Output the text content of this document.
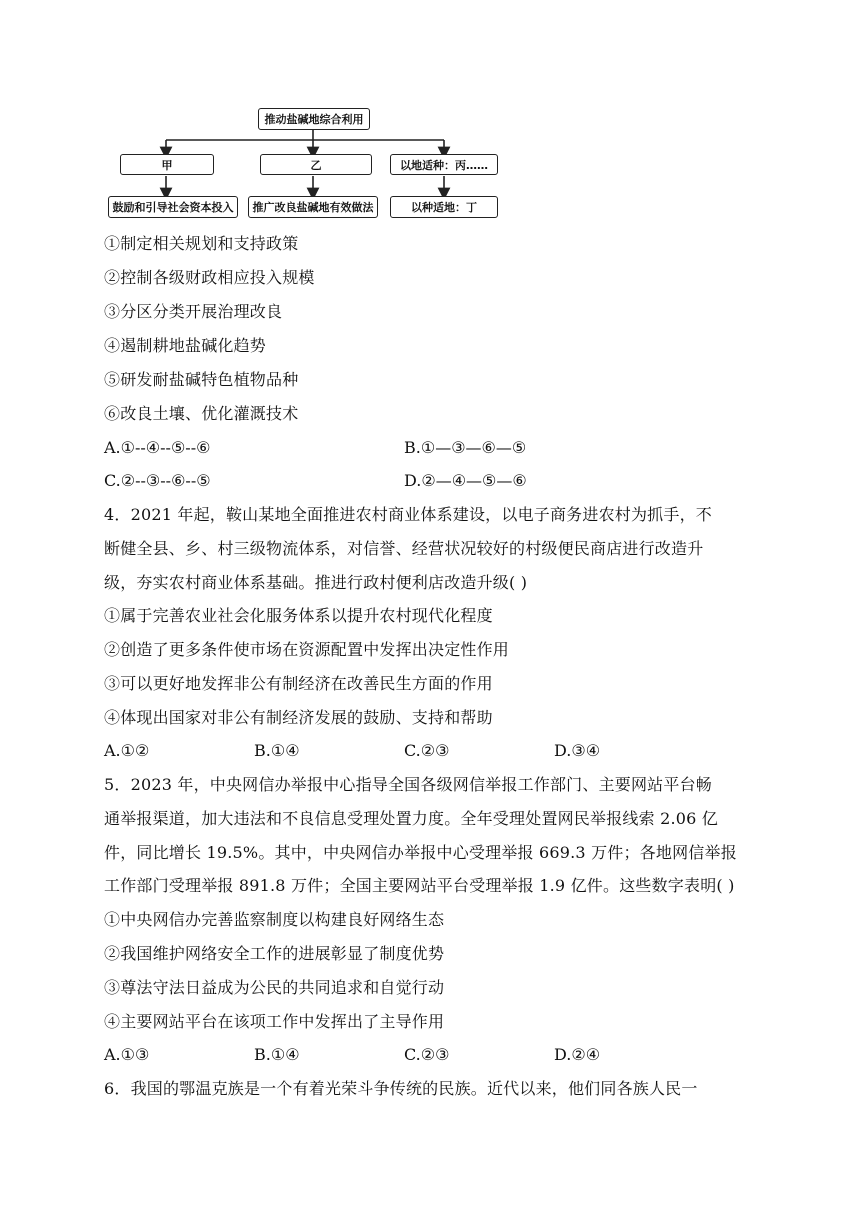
推动盐碱地综合利用
甲	乙	以地适种：丙……
鼓励和引导社会资本投入	推广改良盐碱地有效做法	以种适地：丁
①制定相关规划和支持政策
②控制各级财政相应投入规模
③分区分类开展治理改良
④遏制耕地盐碱化趋势
⑤研发耐盐碱特色植物品种
⑥改良土壤、优化灌溉技术
A.①--④--⑤--⑥	B.①—③—⑥—⑤
C.②--③--⑥--⑤	D.②—④—⑤—⑥
4．2021 年起，鞍山某地全面推进农村商业体系建设，以电子商务进农村为抓手，不
断健全县、乡、村三级物流体系，对信誉、经营状况较好的村级便民商店进行改造升
级，夯实农村商业体系基础。推进行政村便利店改造升级( )
①属于完善农业社会化服务体系以提升农村现代化程度
②创造了更多条件使市场在资源配置中发挥出决定性作用
③可以更好地发挥非公有制经济在改善民生方面的作用
④体现出国家对非公有制经济发展的鼓励、支持和帮助
A.①②	B.①④	C.②③	D.③④
5．2023 年，中央网信办举报中心指导全国各级网信举报工作部门、主要网站平台畅
通举报渠道，加大违法和不良信息受理处置力度。全年受理处置网民举报线索 2.06 亿
件，同比增长 19.5%。其中，中央网信办举报中心受理举报 669.3 万件；各地网信举报
工作部门受理举报 891.8 万件；全国主要网站平台受理举报 1.9 亿件。这些数字表明( )
①中央网信办完善监察制度以构建良好网络生态
②我国维护网络安全工作的进展彰显了制度优势
③尊法守法日益成为公民的共同追求和自觉行动
④主要网站平台在该项工作中发挥出了主导作用
A.①③	B.①④	C.②③	D.②④
6．我国的鄂温克族是一个有着光荣斗争传统的民族。近代以来，他们同各族人民一
